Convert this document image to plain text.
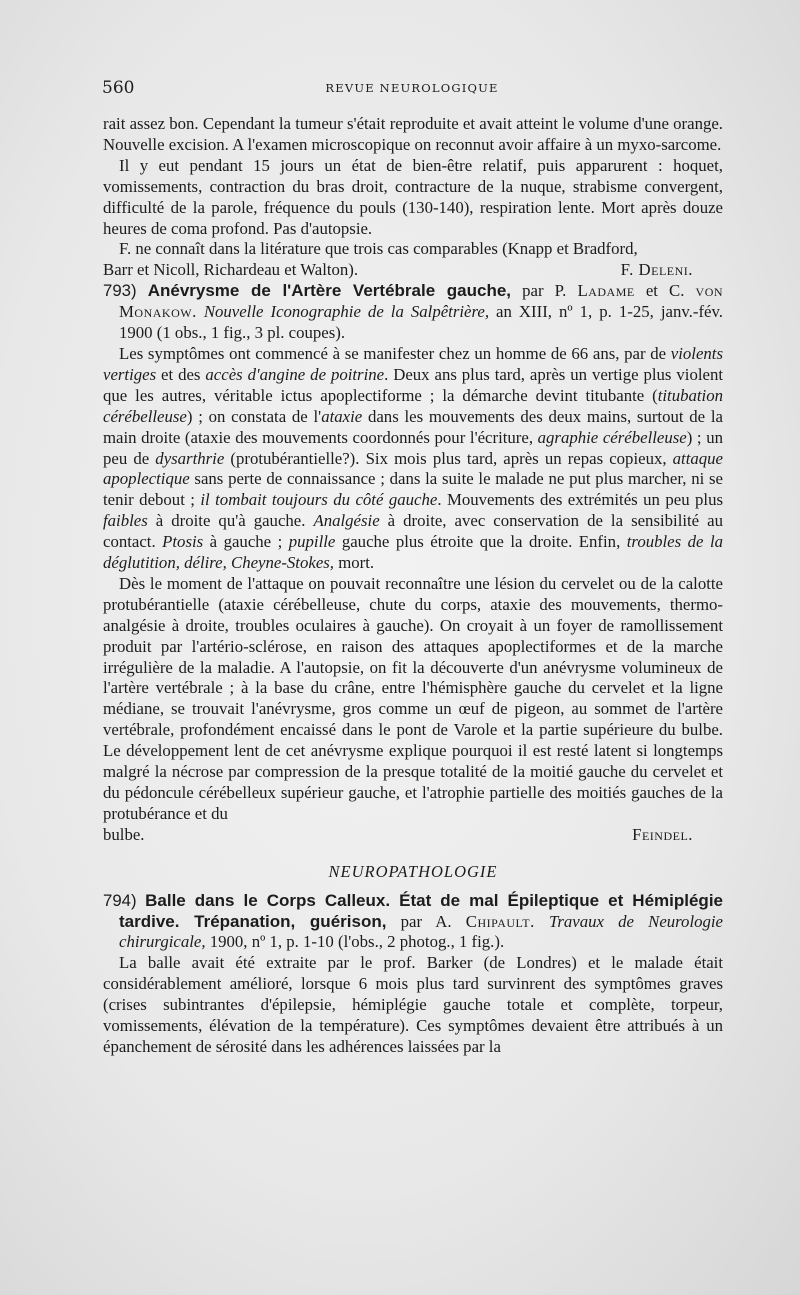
560	REVUE NEUROLOGIQUE

rait assez bon. Cependant la tumeur s'était reproduite et avait atteint le volume d'une orange. Nouvelle excision. A l'examen microscopique on reconnut avoir affaire à un myxo-sarcome.

Il y eut pendant 15 jours un état de bien-être relatif, puis apparurent : hoquet, vomissements, contraction du bras droit, contracture de la nuque, strabisme convergent, difficulté de la parole, fréquence du pouls (130-140), respiration lente. Mort après douze heures de coma profond. Pas d'autopsie.

F. ne connaît dans la litérature que trois cas comparables (Knapp et Bradford,

Barr et Nicoll, Richardeau et Walton).	F. Deleni.

793) Anévrysme de l'Artère Vertébrale gauche, par P. Ladame et C. von Monakow. Nouvelle Iconographie de la Salpêtrière, an XIII, nº 1, p. 1-25, janv.-fév. 1900 (1 obs., 1 fig., 3 pl. coupes).

Les symptômes ont commencé à se manifester chez un homme de 66 ans, par de violents vertiges et des accès d'angine de poitrine. Deux ans plus tard, après un vertige plus violent que les autres, véritable ictus apoplectiforme ; la démarche devint titubante (titubation cérébelleuse) ; on constata de l'ataxie dans les mouvements des deux mains, surtout de la main droite (ataxie des mouvements coordonnés pour l'écriture, agraphie cérébelleuse) ; un peu de dysarthrie (protubérantielle?). Six mois plus tard, après un repas copieux, attaque apoplectique sans perte de connaissance ; dans la suite le malade ne put plus marcher, ni se tenir debout ; il tombait toujours du côté gauche. Mouvements des extrémités un peu plus faibles à droite qu'à gauche. Analgésie à droite, avec conservation de la sensibilité au contact. Ptosis à gauche ; pupille gauche plus étroite que la droite. Enfin, troubles de la déglutition, délire, Cheyne-Stokes, mort.

Dès le moment de l'attaque on pouvait reconnaître une lésion du cervelet ou de la calotte protubérantielle (ataxie cérébelleuse, chute du corps, ataxie des mouvements, thermo-analgésie à droite, troubles oculaires à gauche). On croyait à un foyer de ramollissement produit par l'artério-sclérose, en raison des attaques apoplectiformes et de la marche irrégulière de la maladie. A l'autopsie, on fit la découverte d'un anévrysme volumineux de l'artère vertébrale ; à la base du crâne, entre l'hémisphère gauche du cervelet et la ligne médiane, se trouvait l'anévrysme, gros comme un œuf de pigeon, au sommet de l'artère vertébrale, profondément encaissé dans le pont de Varole et la partie supérieure du bulbe. Le développement lent de cet anévrysme explique pourquoi il est resté latent si longtemps malgré la nécrose par compression de la presque totalité de la moitié gauche du cervelet et du pédoncule cérébelleux supérieur gauche, et l'atrophie partielle des moitiés gauches de la protubérance et du

bulbe.	Feindel.
NEUROPATHOLOGIE

794) Balle dans le Corps Calleux. État de mal Épileptique et Hémiplégie tardive. Trépanation, guérison, par A. Chipault. Travaux de Neurologie chirurgicale, 1900, nº 1, p. 1-10 (l'obs., 2 photog., 1 fig.).

La balle avait été extraite par le prof. Barker (de Londres) et le malade était considérablement amélioré, lorsque 6 mois plus tard survinrent des symptômes graves (crises subintrantes d'épilepsie, hémiplégie gauche totale et complète, torpeur, vomissements, élévation de la température). Ces symptômes devaient être attribués à un épanchement de sérosité dans les adhérences laissées par la
